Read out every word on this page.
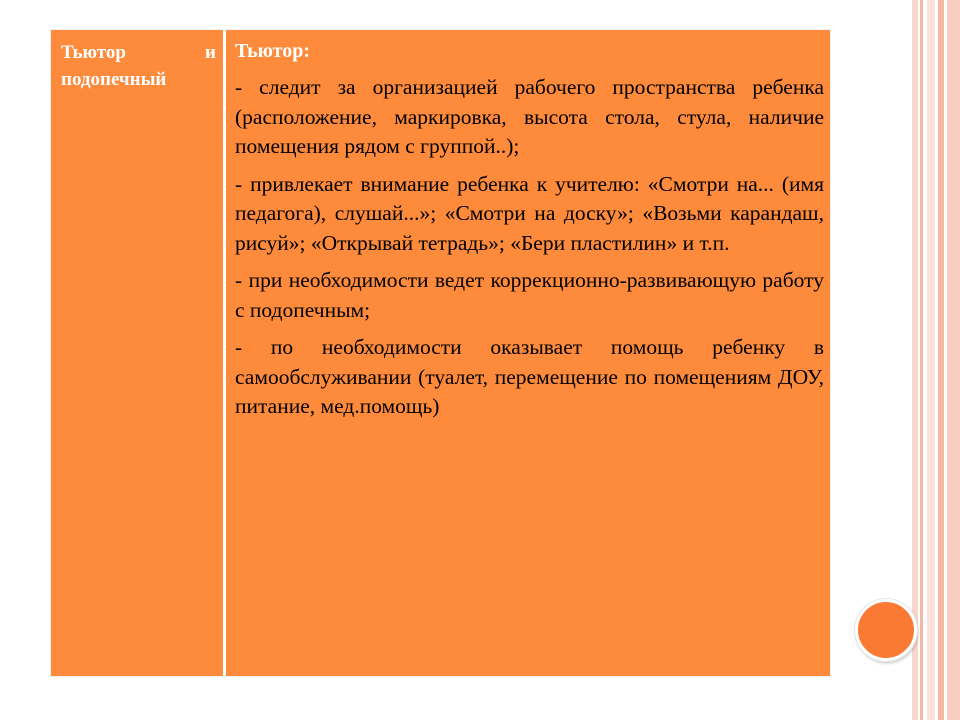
Тьютор	и
подопечный
Тьютор:

- следит за организацией рабочего пространства ребенка (расположение, маркировка, высота стола, стула, наличие помещения рядом с группой..);

- привлекает внимание ребенка к учителю: «Смотри на... (имя педагога), слушай...»; «Смотри на доску»; «Возьми карандаш, рисуй»; «Открывай тетрадь»; «Бери пластилин» и т.п.

- при необходимости ведет коррекционно-развивающую работу с подопечным;

- по необходимости оказывает помощь ребенку в самообслуживании (туалет, перемещение по помещениям ДОУ, питание, мед.помощь)
